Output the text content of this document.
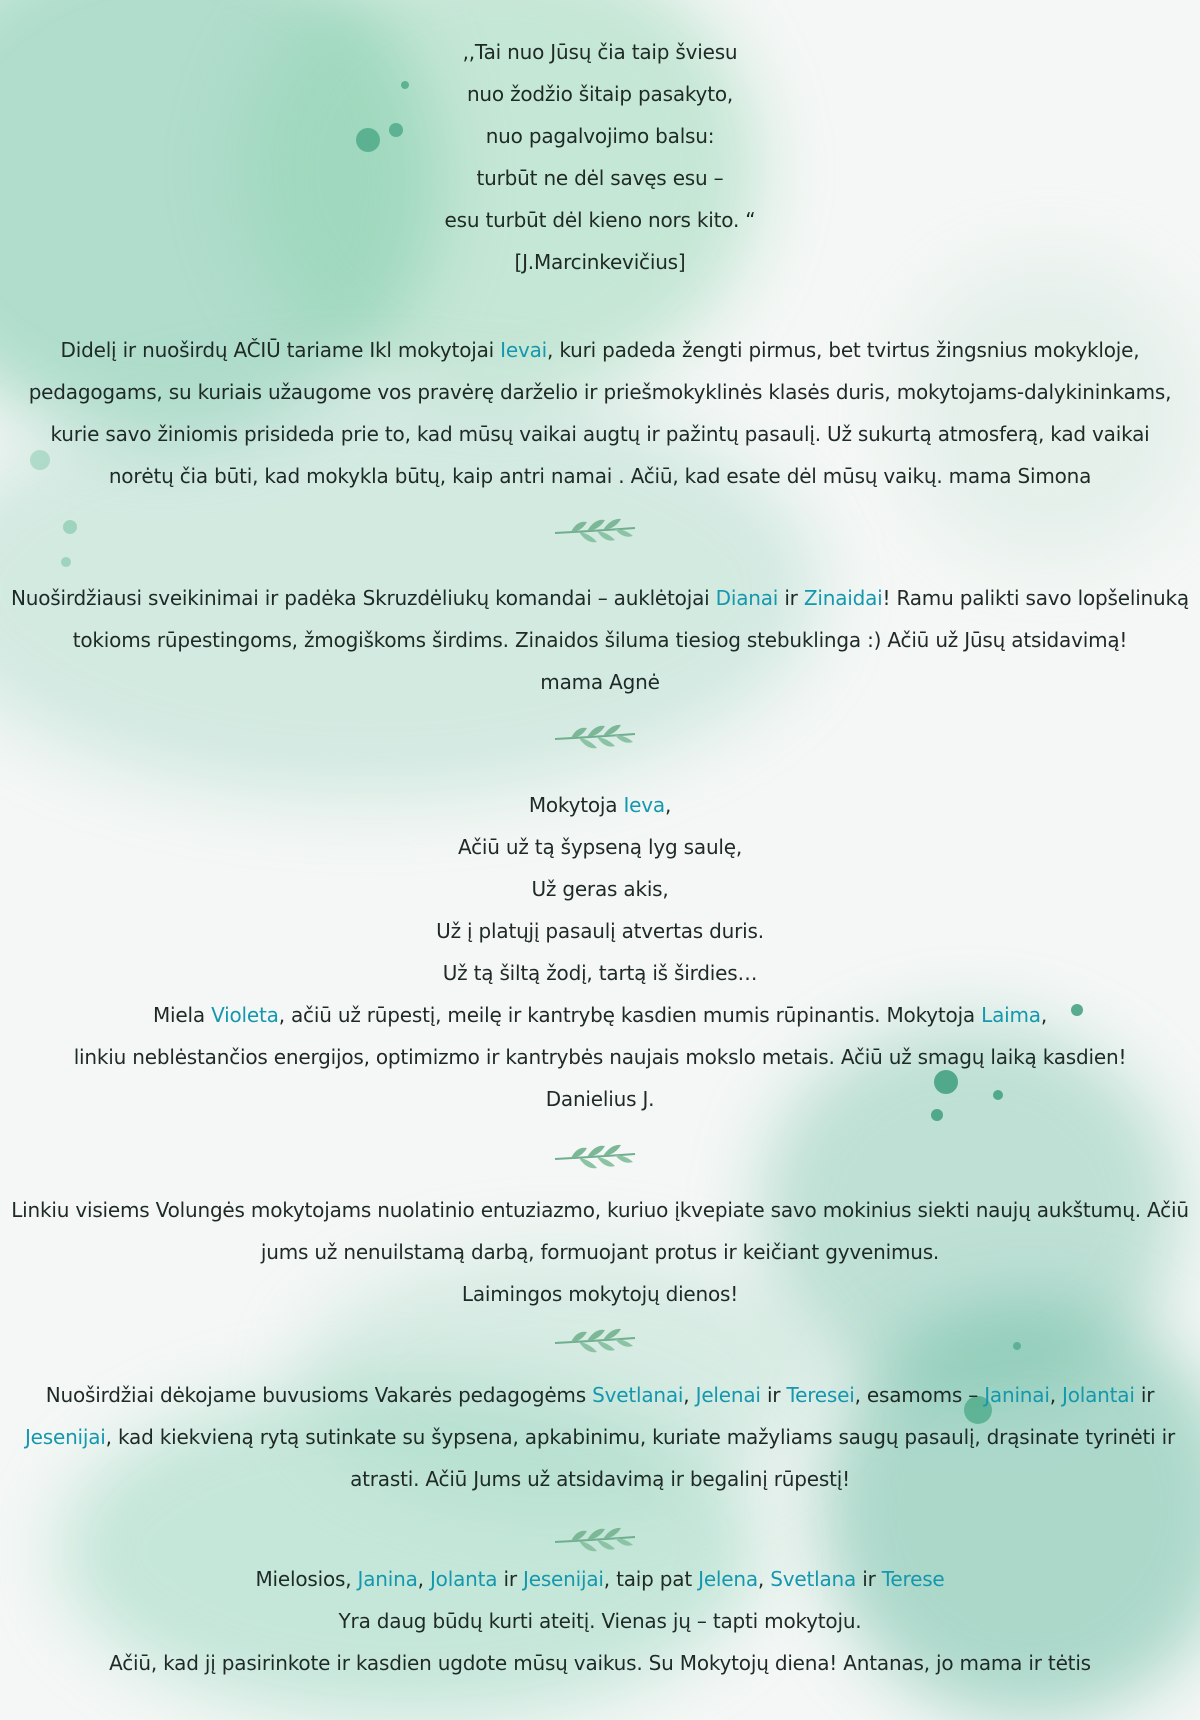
,,Tai nuo Jūsų čia taip šviesu
nuo žodžio šitaip pasakyto,
nuo pagalvojimo balsu:
turbūt ne dėl savęs esu –
esu turbūt dėl kieno nors kito. “
[J.Marcinkevičius]
Didelį ir nuoširdų AČIŪ tariame Ikl mokytojai Ievai, kuri padeda žengti pirmus, bet tvirtus žingsnius mokykloje,
pedagogams, su kuriais užaugome vos pravėrę darželio ir priešmokyklinės klasės duris, mokytojams-dalykininkams,
kurie savo žiniomis prisideda prie to, kad mūsų vaikai augtų ir pažintų pasaulį. Už sukurtą atmosferą, kad vaikai
norėtų čia būti, kad mokykla būtų, kaip antri namai . Ačiū, kad esate dėl mūsų vaikų. mama Simona
Nuoširdžiausi sveikinimai ir padėka Skruzdėliukų komandai – auklėtojai Dianai ir Zinaidai! Ramu palikti savo lopšelinuką
tokioms rūpestingoms, žmogiškoms širdims. Zinaidos šiluma tiesiog stebuklinga :) Ačiū už Jūsų atsidavimą!
mama Agnė
Mokytoja Ieva,
Ačiū už tą šypseną lyg saulę,
Už geras akis,
Už į platųjį pasaulį atvertas duris.
Už tą šiltą žodį, tartą iš širdies…
Miela Violeta, ačiū už rūpestį, meilę ir kantrybę kasdien mumis rūpinantis. Mokytoja Laima,
linkiu neblėstančios energijos, optimizmo ir kantrybės naujais mokslo metais. Ačiū už smagų laiką kasdien!
Danielius J.
Linkiu visiems Volungės mokytojams nuolatinio entuziazmo, kuriuo įkvepiate savo mokinius siekti naujų aukštumų. Ačiū
jums už nenuilstamą darbą, formuojant protus ir keičiant gyvenimus.
Laimingos mokytojų dienos!
Nuoširdžiai dėkojame buvusioms Vakarės pedagogėms Svetlanai, Jelenai ir Teresei, esamoms – Janinai, Jolantai ir
Jesenijai, kad kiekvieną rytą sutinkate su šypsena, apkabinimu, kuriate mažyliams saugų pasaulį, drąsinate tyrinėti ir
atrasti. Ačiū Jums už atsidavimą ir begalinį rūpestį!
Mielosios, Janina, Jolanta ir Jesenijai, taip pat Jelena, Svetlana ir Terese
Yra daug būdų kurti ateitį. Vienas jų – tapti mokytoju.
Ačiū, kad jį pasirinkote ir kasdien ugdote mūsų vaikus. Su Mokytojų diena! Antanas, jo mama ir tėtis
